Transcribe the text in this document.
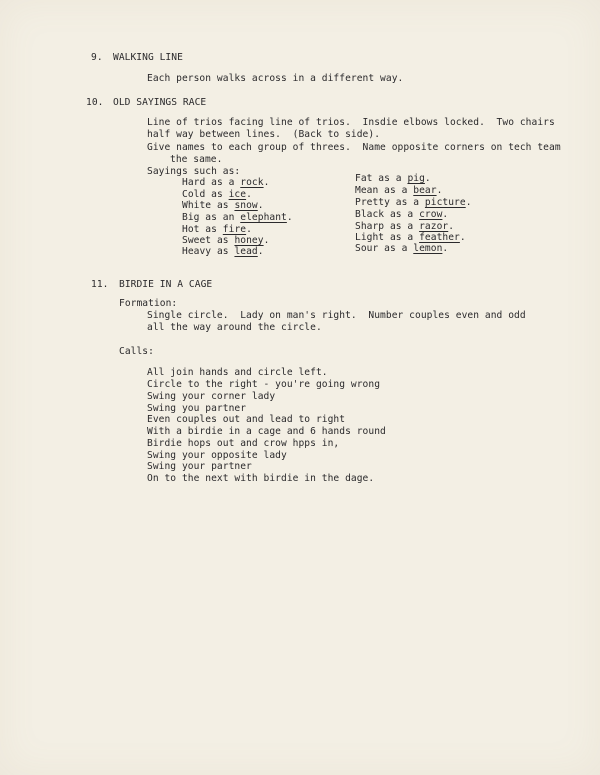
9. WALKING LINE
Each person walks across in a different way.
10. OLD SAYINGS RACE
Line of trios facing line of trios.  Insdie elbows locked.  Two chairs
half way between lines.  (Back to side).
Give names to each group of threes.  Name opposite corners on tech team
the same.
Sayings such as:
Hard as a rock.
Cold as ice.
White as snow.
Big as an elephant.
Hot as fire.
Sweet as honey.
Heavy as lead.
Fat as a pig.
Mean as a bear.
Pretty as a picture.
Black as a crow.
Sharp as a razor.
Light as a feather.
Sour as a lemon.
11. BIRDIE IN A CAGE
Formation:
Single circle.  Lady on man's right.  Number couples even and odd
all the way around the circle.
Calls:
All join hands and circle left.
Circle to the right - you're going wrong
Swing your corner lady
Swing you partner
Even couples out and lead to right
With a birdie in a cage and 6 hands round
Birdie hops out and crow hpps in,
Swing your opposite lady
Swing your partner
On to the next with birdie in the dage.
